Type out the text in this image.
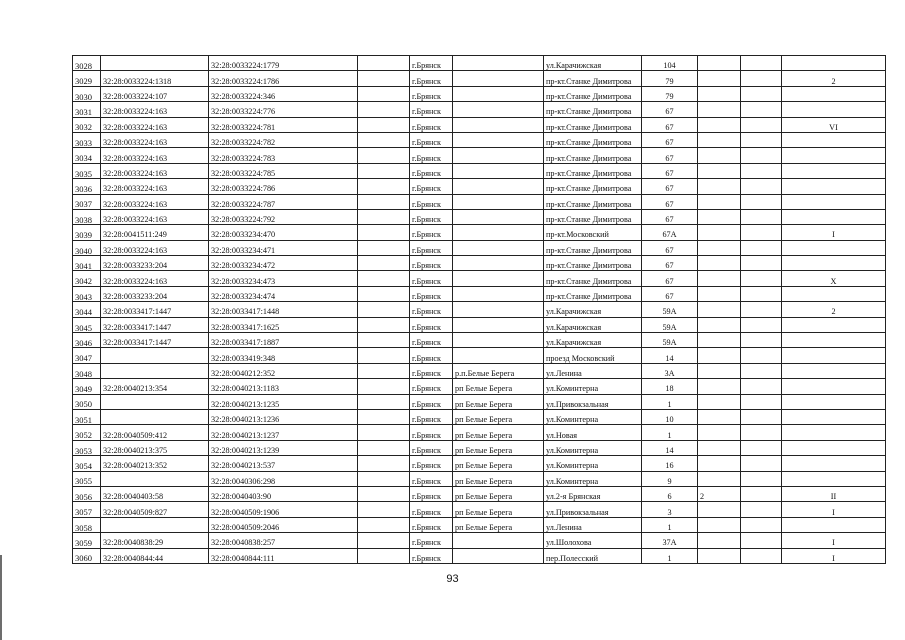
3028		32:28:0033224:1779		г.Брянск		ул.Карачижская	104			
3029	32:28:0033224:1318	32:28:0033224:1786		г.Брянск		пр-кт.Станке Димитрова	79			2
3030	32:28:0033224:107	32:28:0033224:346		г.Брянск		пр-кт.Станке Димитрова	79			
3031	32:28:0033224:163	32:28:0033224:776		г.Брянск		пр-кт.Станке Димитрова	67			
3032	32:28:0033224:163	32:28:0033224:781		г.Брянск		пр-кт.Станке Димитрова	67			VI
3033	32:28:0033224:163	32:28:0033224:782		г.Брянск		пр-кт.Станке Димитрова	67			
3034	32:28:0033224:163	32:28:0033224:783		г.Брянск		пр-кт.Станке Димитрова	67			
3035	32:28:0033224:163	32:28:0033224:785		г.Брянск		пр-кт.Станке Димитрова	67			
3036	32:28:0033224:163	32:28:0033224:786		г.Брянск		пр-кт.Станке Димитрова	67			
3037	32:28:0033224:163	32:28:0033224:787		г.Брянск		пр-кт.Станке Димитрова	67			
3038	32:28:0033224:163	32:28:0033224:792		г.Брянск		пр-кт.Станке Димитрова	67			
3039	32:28:0041511:249	32:28:0033234:470		г.Брянск		пр-кт.Московский	67А			I
3040	32:28:0033224:163	32:28:0033234:471		г.Брянск		пр-кт.Станке Димитрова	67			
3041	32:28:0033233:204	32:28:0033234:472		г.Брянск		пр-кт.Станке Димитрова	67			
3042	32:28:0033224:163	32:28:0033234:473		г.Брянск		пр-кт.Станке Димитрова	67			X
3043	32:28:0033233:204	32:28:0033234:474		г.Брянск		пр-кт.Станке Димитрова	67			
3044	32:28:0033417:1447	32:28:0033417:1448		г.Брянск		ул.Карачижская	59А			2
3045	32:28:0033417:1447	32:28:0033417:1625		г.Брянск		ул.Карачижская	59А			
3046	32:28:0033417:1447	32:28:0033417:1887		г.Брянск		ул.Карачижская	59А			
3047		32:28:0033419:348		г.Брянск		проезд Московский	14			
3048		32:28:0040212:352		г.Брянск	р.п.Белые Берега	ул.Ленина	3А			
3049	32:28:0040213:354	32:28:0040213:1183		г.Брянск	рп Белые Берега	ул.Коминтерна	18			
3050		32:28:0040213:1235		г.Брянск	рп Белые Берега	ул.Привокзальная	1			
3051		32:28:0040213:1236		г.Брянск	рп Белые Берега	ул.Коминтерна	10			
3052	32:28:0040509:412	32:28:0040213:1237		г.Брянск	рп Белые Берега	ул.Новая	1			
3053	32:28:0040213:375	32:28:0040213:1239		г.Брянск	рп Белые Берега	ул.Коминтерна	14			
3054	32:28:0040213:352	32:28:0040213:537		г.Брянск	рп Белые Берега	ул.Коминтерна	16			
3055		32:28:0040306:298		г.Брянск	рп Белые Берега	ул.Коминтерна	9			
3056	32:28:0040403:58	32:28:0040403:90		г.Брянск	рп Белые Берега	ул.2-я Брянская	6	2		II
3057	32:28:0040509:827	32:28:0040509:1906		г.Брянск	рп Белые Берега	ул.Привокзальная	3			I
3058		32:28:0040509:2046		г.Брянск	рп Белые Берега	ул.Ленина	1			
3059	32:28:0040838:29	32:28:0040838:257		г.Брянск		ул.Шолохова	37А			I
3060	32:28:0040844:44	32:28:0040844:111		г.Брянск		пер.Полесский	1			I
93
